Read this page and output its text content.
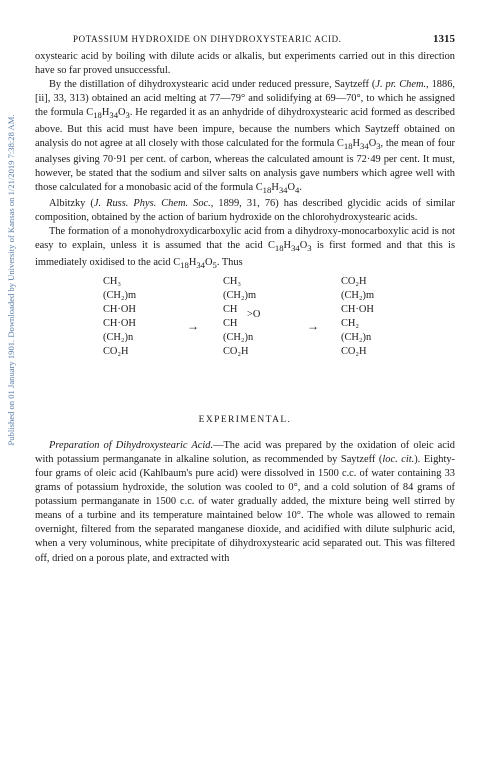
Published on 01 January 1901. Downloaded by University of Kansas on 1/21/2019 7:38:28 AM.
POTASSIUM HYDROXIDE ON DIHYDROXYSTEARIC ACID.	1315

oxystearic acid by boiling with dilute acids or alkalis, but experiments carried out in this direction have so far proved unsuccessful.

By the distillation of dihydroxystearic acid under reduced pressure, Saytzeff (J. pr. Chem., 1886, [ii], 33, 313) obtained an acid melting at 77—79° and solidifying at 69—70°, to which he assigned the formula $C_{18}H_{34}O_3$. He regarded it as an anhydride of dihydroxystearic acid formed as described above. But this acid must have been impure, because the numbers which Saytzeff obtained on analysis do not agree at all closely with those calculated for the formula $C_{18}H_{34}O_3$, the mean of four analyses giving 70·91 per cent. of carbon, whereas the calculated amount is 72·49 per cent. It must, however, be stated that the sodium and silver salts on analysis gave numbers which agree well with those calculated for a monobasic acid of the formula $C_{18}H_{34}O_4$.

Albitzky (J. Russ. Phys. Chem. Soc., 1899, 31, 76) has described glycidic acids of similar composition, obtained by the action of barium hydroxide on the chlorohydroxystearic acids.

The formation of a monohydroxydicarboxylic acid from a dihydroxy-monocarboxylic acid is not easy to explain, unless it is assumed that the acid $C_{18}H_{34}O_3$ is first formed and that this is immediately oxidised to the acid $C_{18}H_{34}O_5$. Thus

CH₃
(CH₂)m
CH·OH
CH·OH
(CH₂)n
CO₂H
→
CH₃
(CH₂)m
CH
CH
(CH₂)n
CO₂H
>O
→
CO₂H
(CH₂)m
CH·OH
CH₂
(CH₂)n
CO₂H
EXPERIMENTAL.

Preparation of Dihydroxystearic Acid.—The acid was prepared by the oxidation of oleic acid with potassium permanganate in alkaline solution, as recommended by Saytzeff (loc. cit.). Eighty-four grams of oleic acid (Kahlbaum's pure acid) were dissolved in 1500 c.c. of water containing 33 grams of potassium hydroxide, the solution was cooled to 0°, and a cold solution of 84 grams of potassium permanganate in 1500 c.c. of water gradually added, the mixture being well stirred by means of a turbine and its temperature maintained below 10°. The whole was allowed to remain overnight, filtered from the separated manganese dioxide, and acidified with dilute sulphuric acid, when a very voluminous, white precipitate of dihydroxystearic acid separated out. This was filtered off, dried on a porous plate, and extracted with
